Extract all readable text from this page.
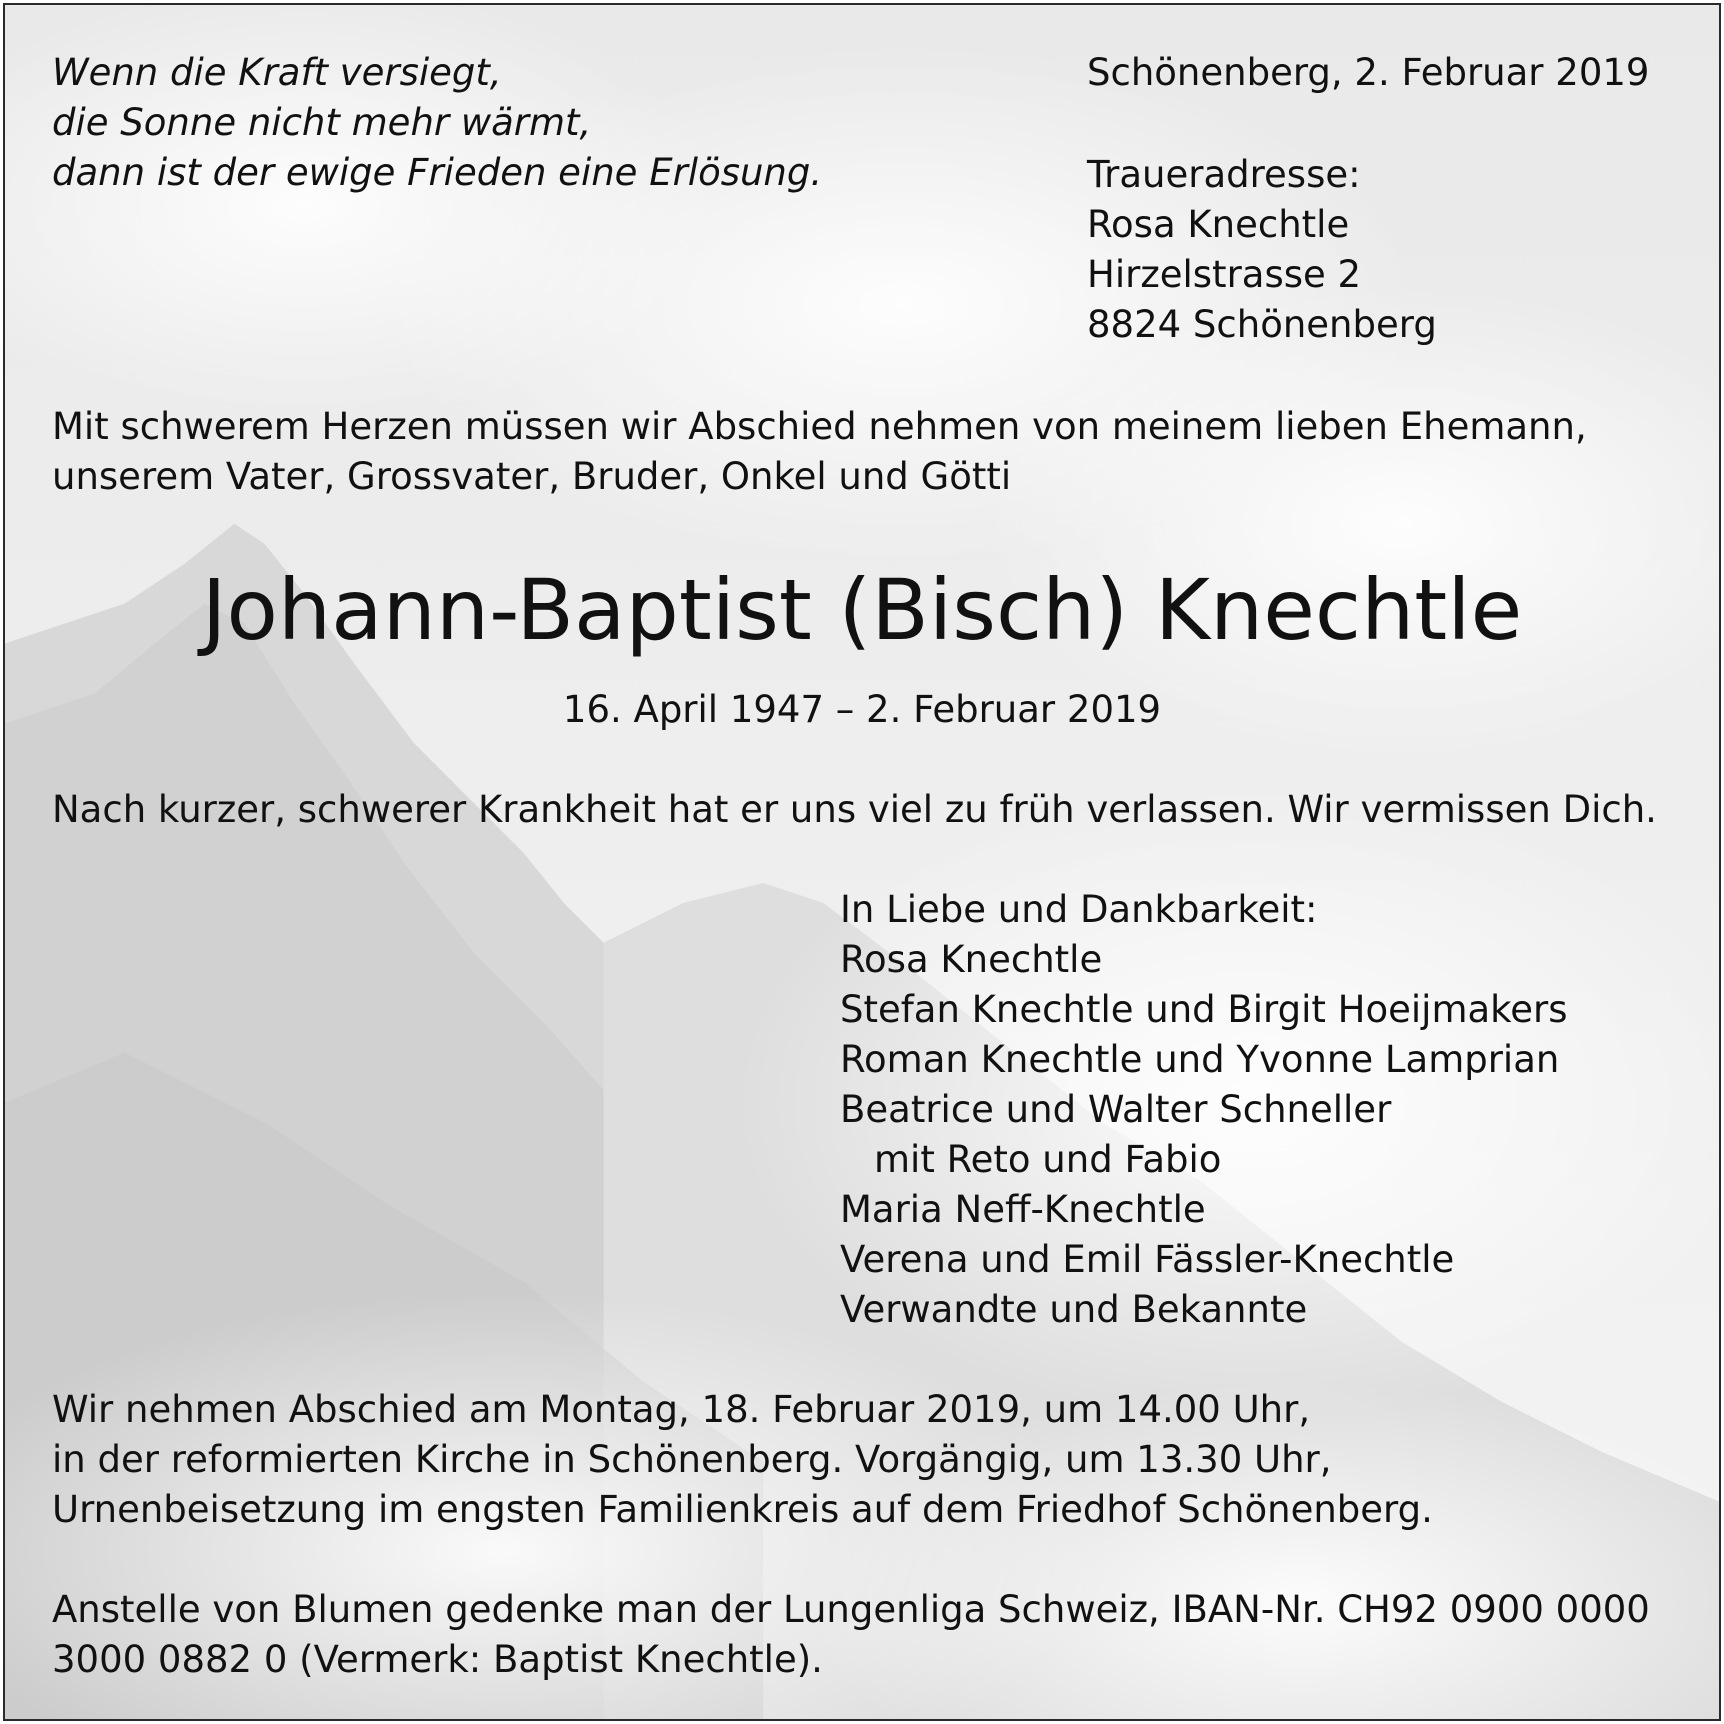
Wenn die Kraft versiegt,
die Sonne nicht mehr wärmt,
dann ist der ewige Frieden eine Erlösung.

Schönenberg, 2. Februar 2019

Traueradresse:
Rosa Knechtle
Hirzelstrasse 2
8824 Schönenberg

Mit schwerem Herzen müssen wir Abschied nehmen von meinem lieben Ehemann,
unserem Vater, Grossvater, Bruder, Onkel und Götti

Johann-Baptist (Bisch) Knechtle
16. April 1947 – 2. Februar 2019

Nach kurzer, schwerer Krankheit hat er uns viel zu früh verlassen. Wir vermissen Dich.

In Liebe und Dankbarkeit:
Rosa Knechtle
Stefan Knechtle und Birgit Hoeijmakers
Roman Knechtle und Yvonne Lamprian
Beatrice und Walter Schneller
mit Reto und Fabio
Maria Neff-Knechtle
Verena und Emil Fässler-Knechtle
Verwandte und Bekannte

Wir nehmen Abschied am Montag, 18. Februar 2019, um 14.00 Uhr,
in der reformierten Kirche in Schönenberg. Vorgängig, um 13.30 Uhr,
Urnenbeisetzung im engsten Familienkreis auf dem Friedhof Schönenberg.

Anstelle von Blumen gedenke man der Lungenliga Schweiz, IBAN-Nr. CH92 0900 0000
3000 0882 0 (Vermerk: Baptist Knechtle).
